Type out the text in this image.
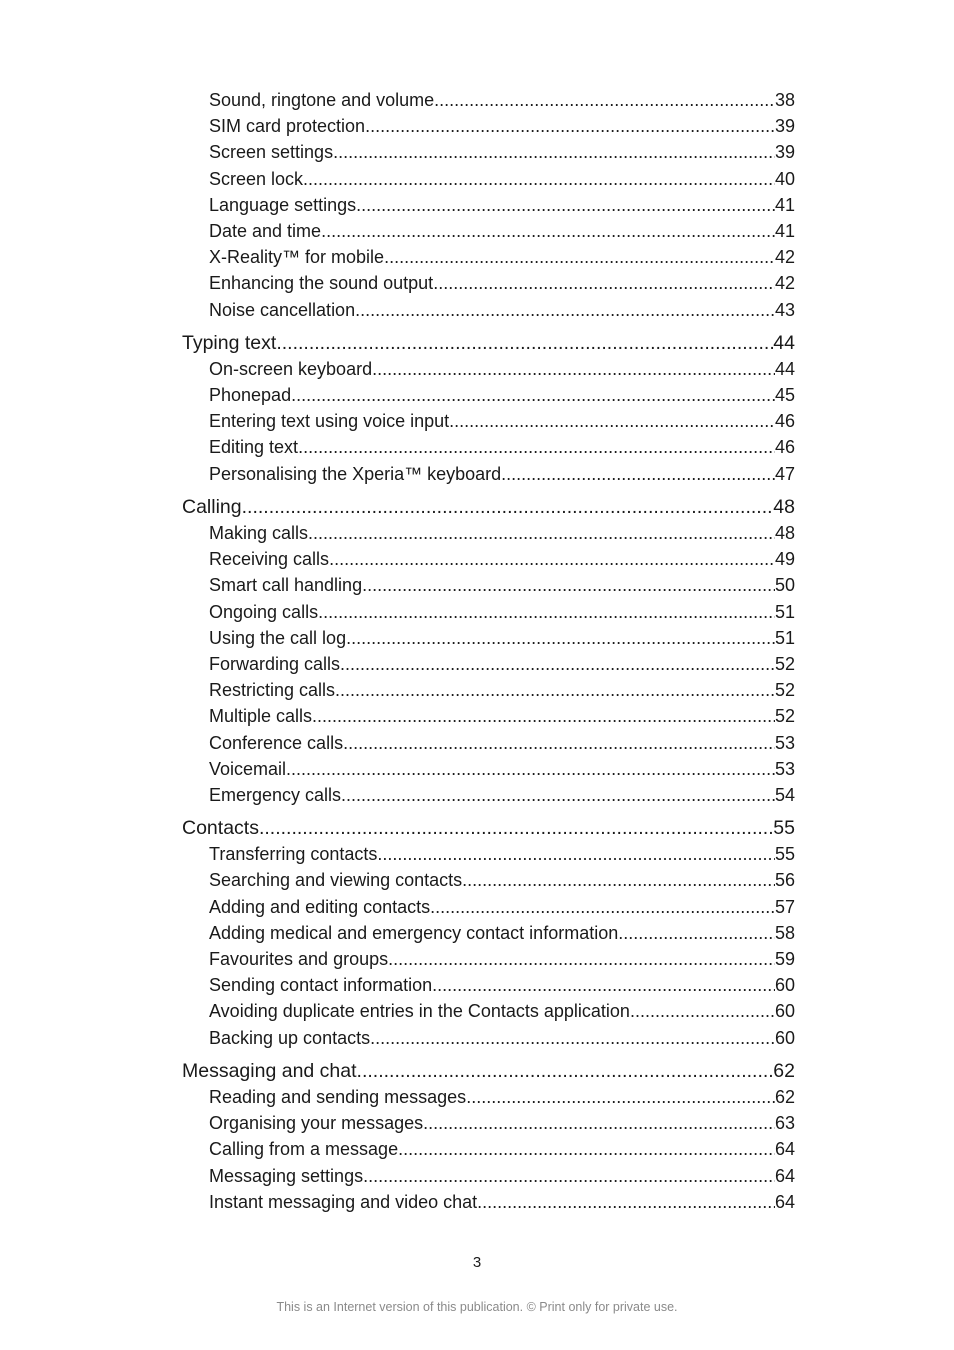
Sound, ringtone and volume .....	38
SIM card protection .....	39
Screen settings .....	39
Screen lock .....	40
Language settings .....	41
Date and time .....	41
X-Reality™ for mobile .....	42
Enhancing the sound output .....	42
Noise cancellation .....	43
Typing text .....	44
On-screen keyboard .....	44
Phonepad .....	45
Entering text using voice input .....	46
Editing text .....	46
Personalising the Xperia™ keyboard .....	47
Calling .....	48
Making calls .....	48
Receiving calls .....	49
Smart call handling .....	50
Ongoing calls .....	51
Using the call log .....	51
Forwarding calls .....	52
Restricting calls .....	52
Multiple calls .....	52
Conference calls .....	53
Voicemail .....	53
Emergency calls .....	54
Contacts .....	55
Transferring contacts .....	55
Searching and viewing contacts .....	56
Adding and editing contacts .....	57
Adding medical and emergency contact information .....	58
Favourites and groups .....	59
Sending contact information .....	60
Avoiding duplicate entries in the Contacts application .....	60
Backing up contacts .....	60
Messaging and chat .....	62
Reading and sending messages .....	62
Organising your messages .....	63
Calling from a message .....	64
Messaging settings .....	64
Instant messaging and video chat .....	64
3
This is an Internet version of this publication. © Print only for private use.
